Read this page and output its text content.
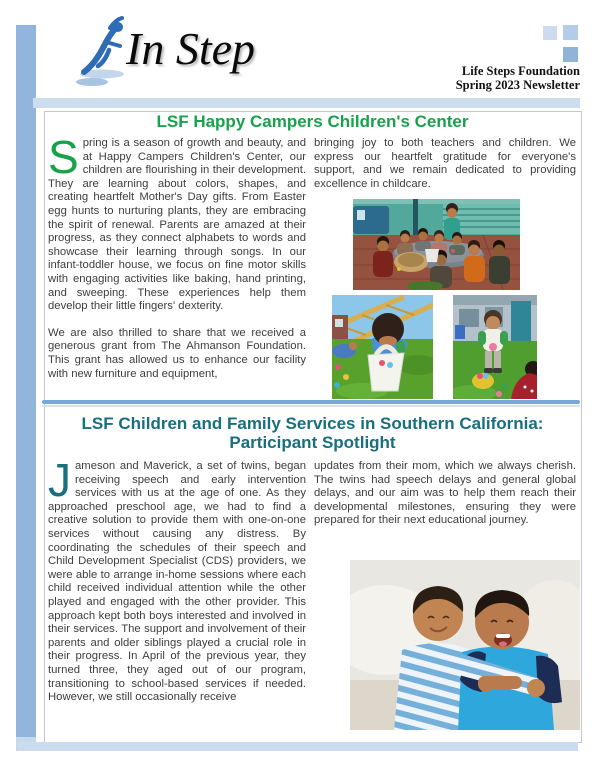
In Step	Life Steps Foundation
Spring 2023 Newsletter
LSF Happy Campers Children's Center

Spring is a season of growth and beauty, and at Happy Campers Children's Center, our children are flourishing in their development. They are learning about colors, shapes, and creating heartfelt Mother's Day gifts. From Easter egg hunts to nurturing plants, they are embracing the spirit of renewal. Parents are amazed at their progress, as they connect alphabets to words and showcase their learning through songs. In our infant-toddler house, we focus on fine motor skills with engaging activities like baking, hand printing, and sweeping. These experiences help them develop their little fingers' dexterity.

We are also thrilled to share that we received a generous grant from The Ahmanson Foundation. This grant has allowed us to enhance our facility with new furniture and equipment,

bringing joy to both teachers and children. We express our heartfelt gratitude for everyone's support, and we remain dedicated to providing excellence in childcare.

LSF Children and Family Services in Southern California:
Participant Spotlight

Jameson and Maverick, a set of twins, began receiving speech and early intervention services with us at the age of one. As they approached preschool age, we had to find a creative solution to provide them with one-on-one services without causing any distress. By coordinating the schedules of their speech and Child Development Specialist (CDS) providers, we were able to arrange in-home sessions where each child received individual attention while the other played and engaged with the other provider. This approach kept both boys interested and involved in their services. The support and involvement of their parents and older siblings played a crucial role in their progress. In April of the previous year, they turned three, they aged out of our program, transitioning to school-based services if needed. However, we still occasionally receive

updates from their mom, which we always cherish. The twins had speech delays and general global delays, and our aim was to help them reach their developmental milestones, ensuring they were prepared for their next educational journey.
